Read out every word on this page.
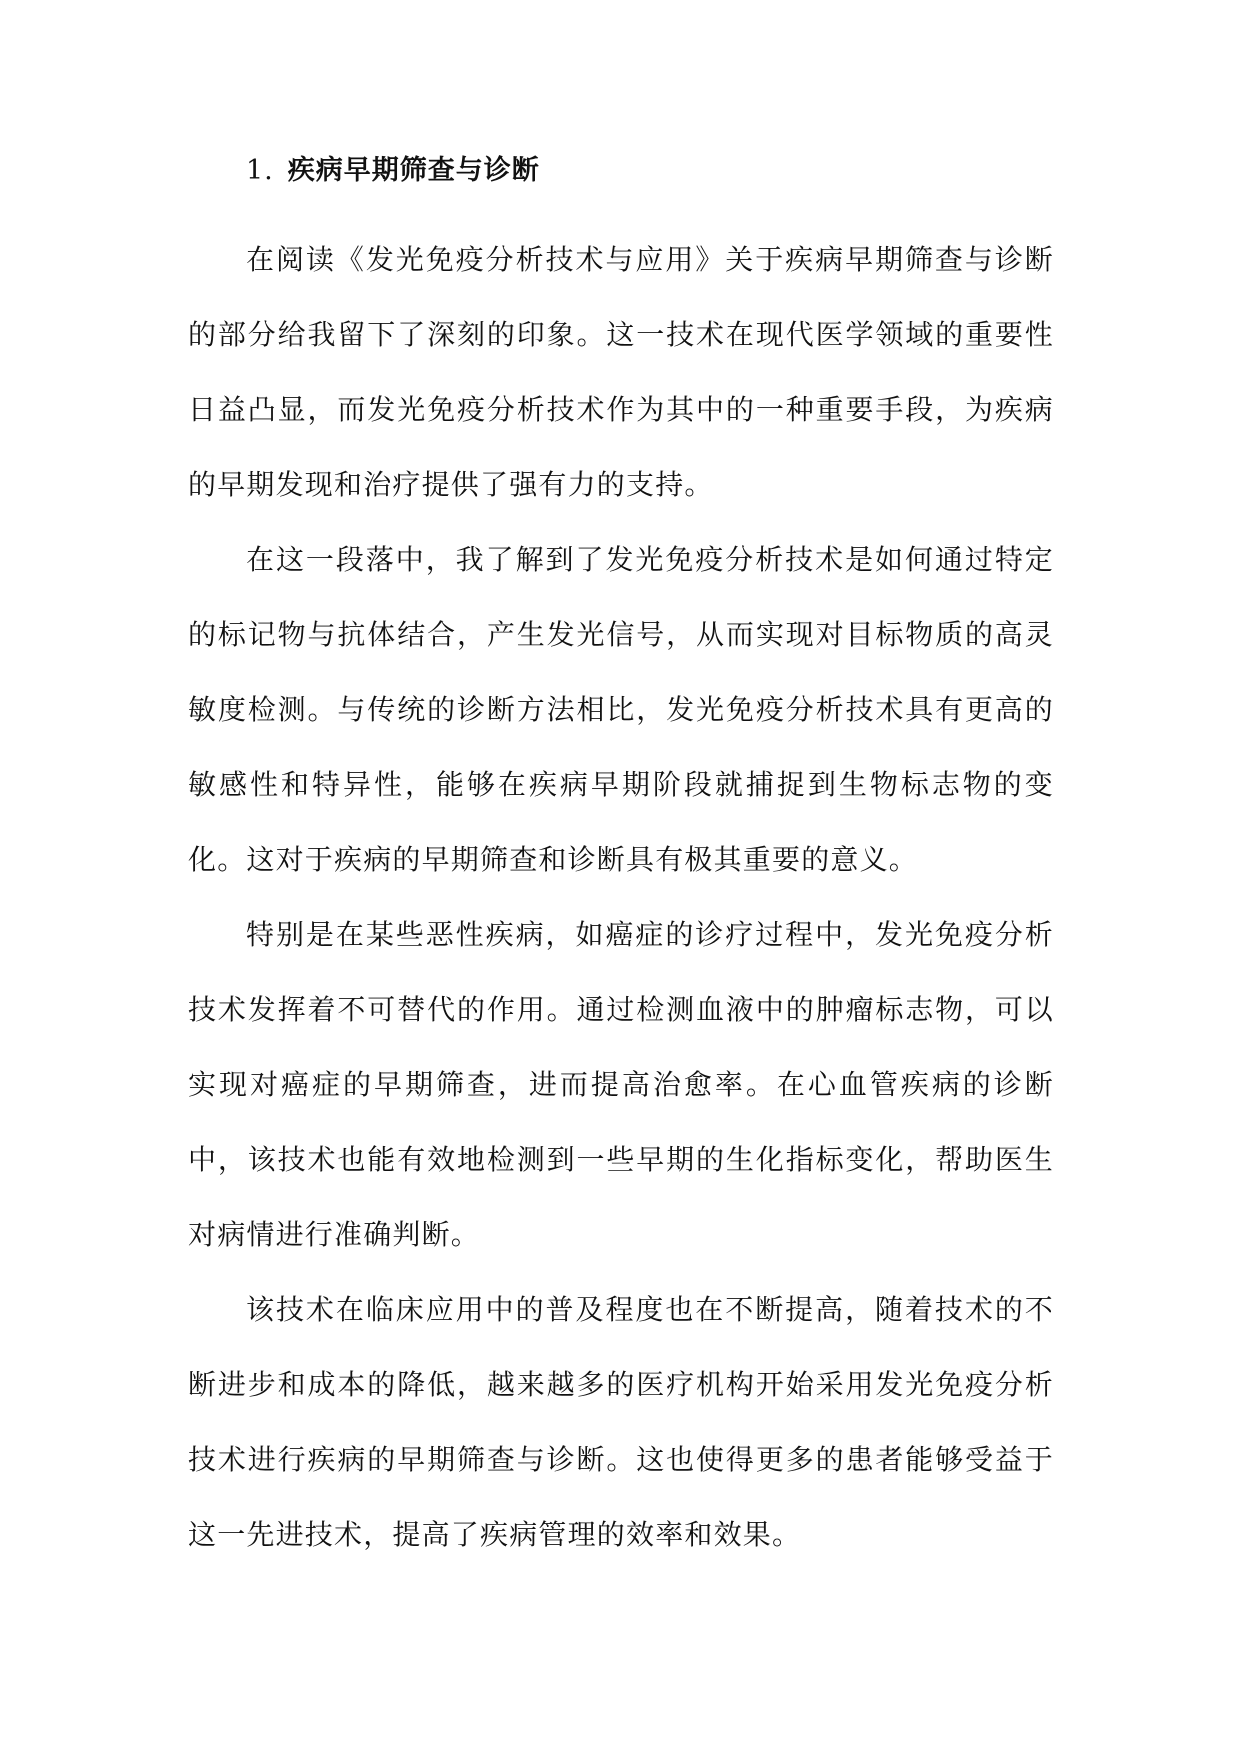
1. 疾病早期筛查与诊断

在阅读《发光免疫分析技术与应用》关于疾病早期筛查与诊断的部分给我留下了深刻的印象。这一技术在现代医学领域的重要性日益凸显，而发光免疫分析技术作为其中的一种重要手段，为疾病的早期发现和治疗提供了强有力的支持。

在这一段落中，我了解到了发光免疫分析技术是如何通过特定的标记物与抗体结合，产生发光信号，从而实现对目标物质的高灵敏度检测。与传统的诊断方法相比，发光免疫分析技术具有更高的敏感性和特异性，能够在疾病早期阶段就捕捉到生物标志物的变化。这对于疾病的早期筛查和诊断具有极其重要的意义。

特别是在某些恶性疾病，如癌症的诊疗过程中，发光免疫分析技术发挥着不可替代的作用。通过检测血液中的肿瘤标志物，可以实现对癌症的早期筛查，进而提高治愈率。在心血管疾病的诊断中，该技术也能有效地检测到一些早期的生化指标变化，帮助医生对病情进行准确判断。

该技术在临床应用中的普及程度也在不断提高，随着技术的不断进步和成本的降低，越来越多的医疗机构开始采用发光免疫分析技术进行疾病的早期筛查与诊断。这也使得更多的患者能够受益于这一先进技术，提高了疾病管理的效率和效果。
